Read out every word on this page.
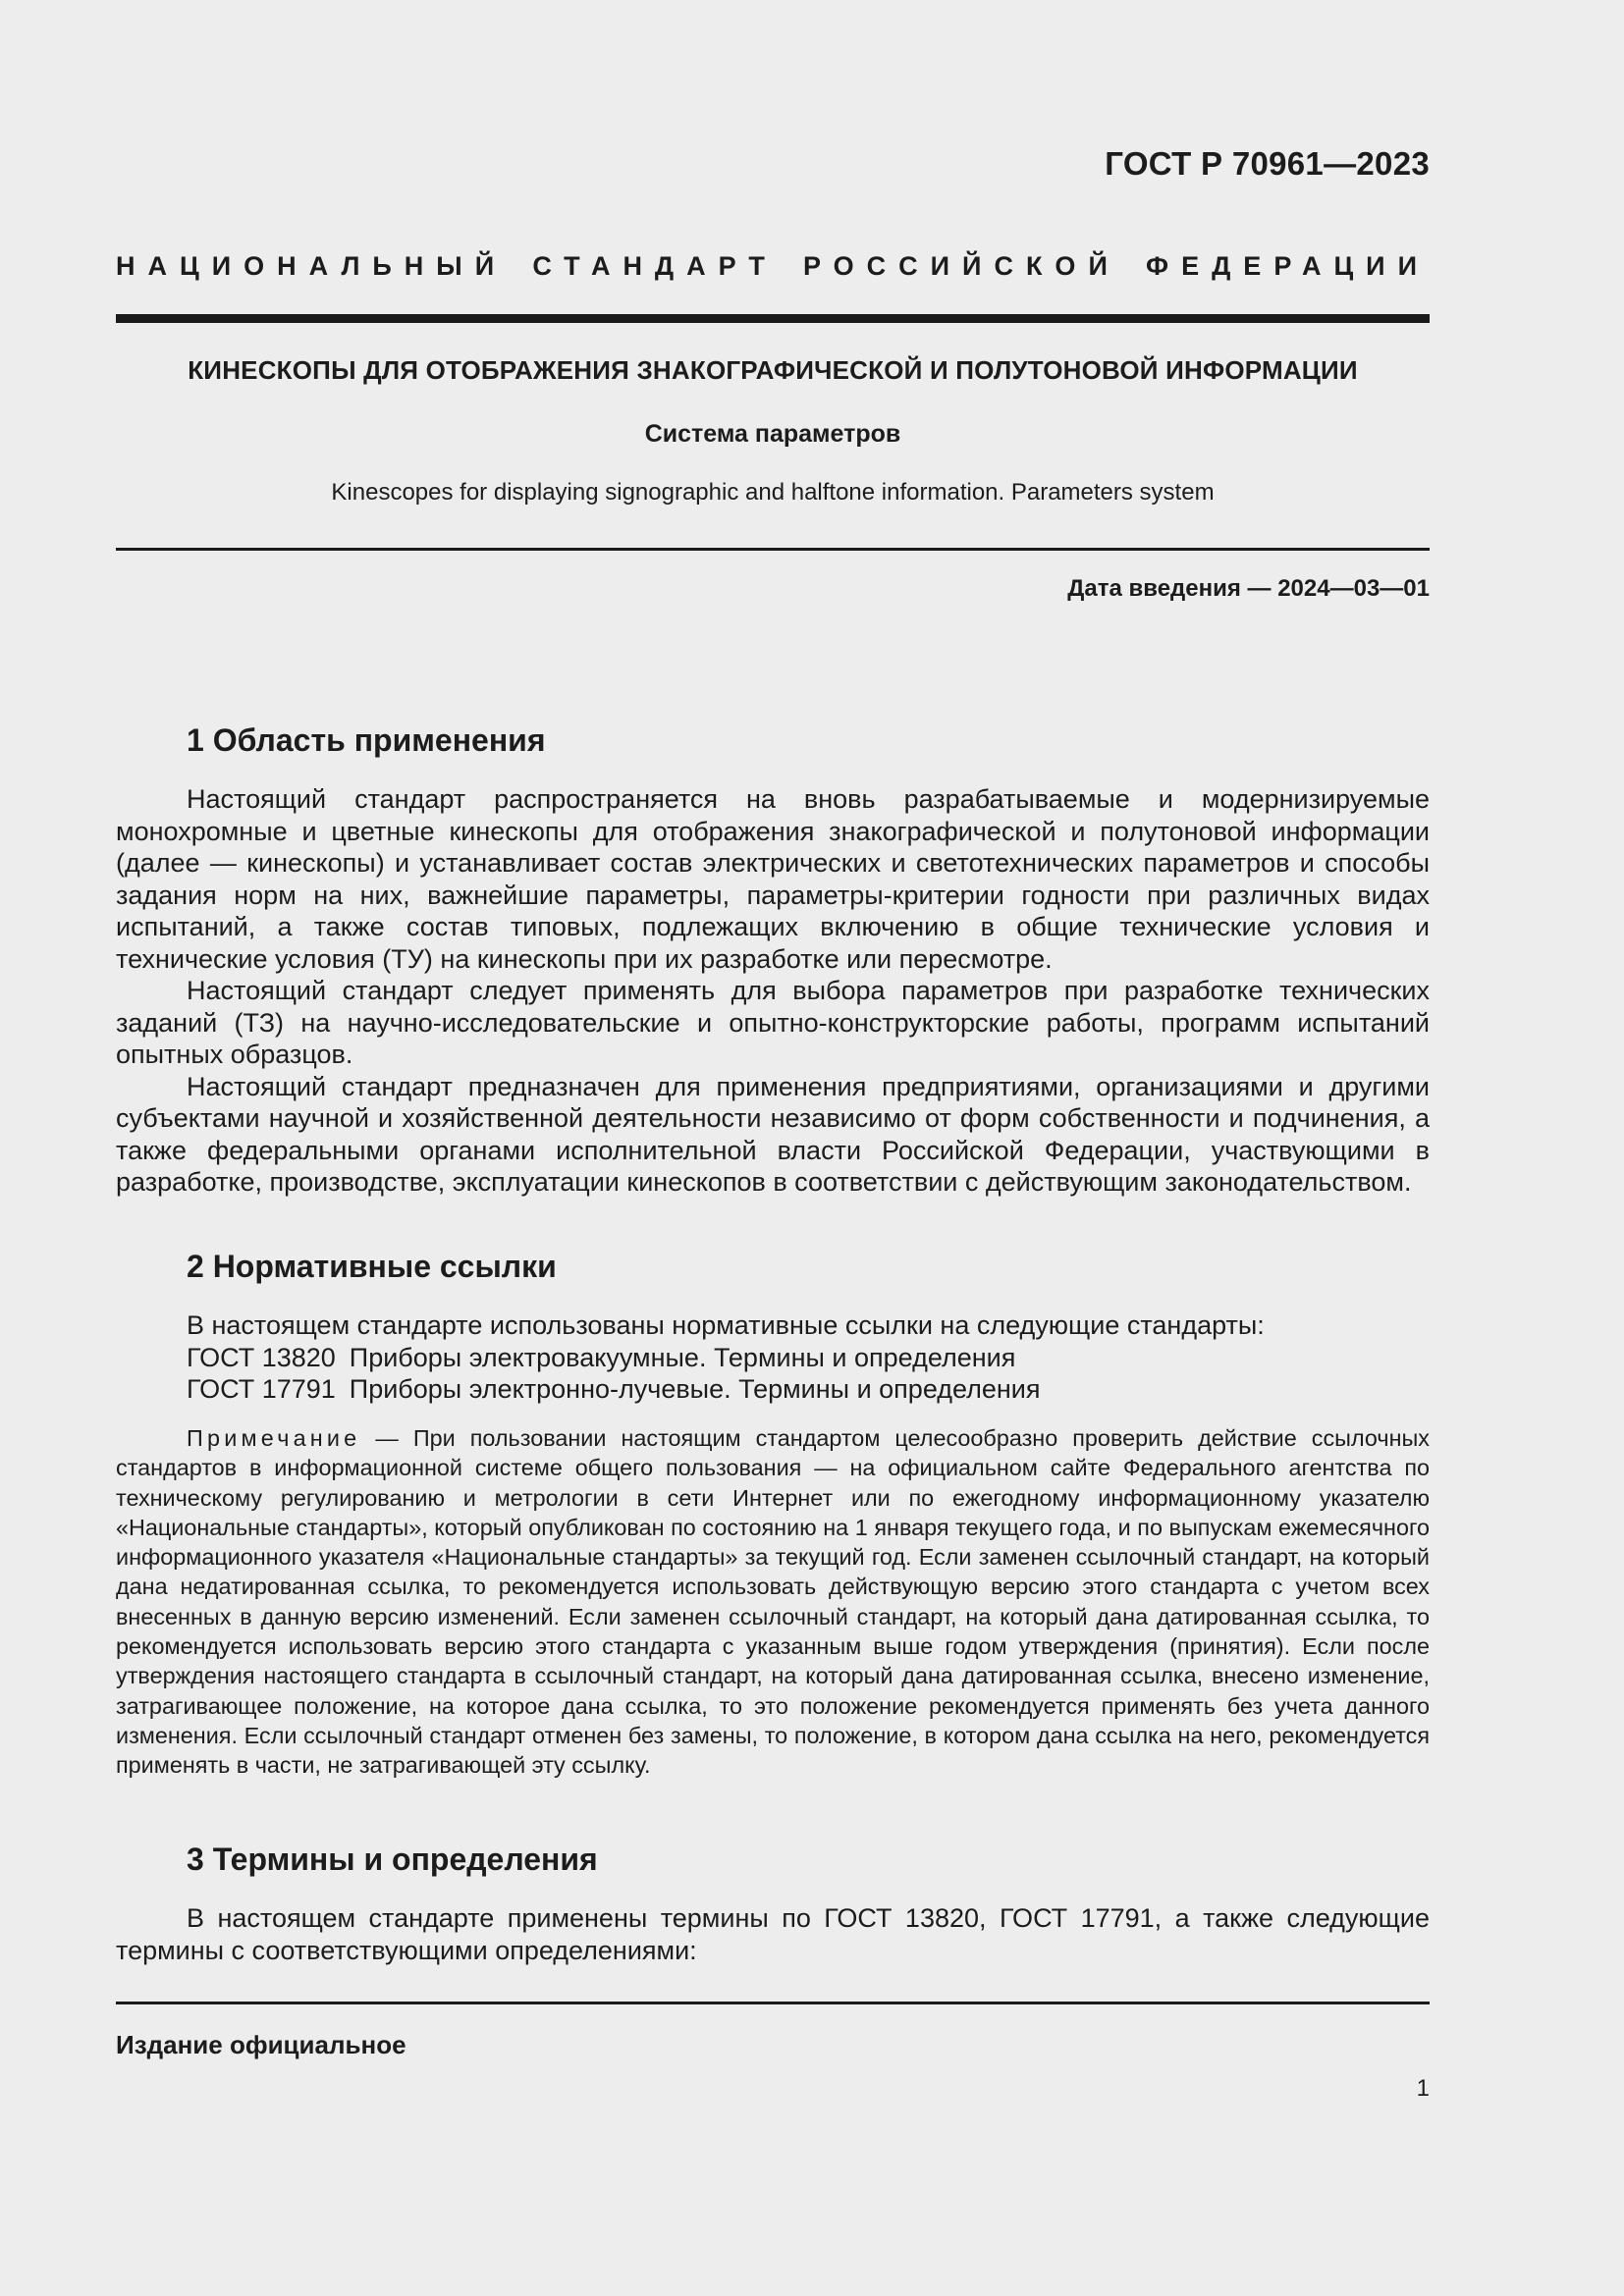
ГОСТ Р 70961—2023
НАЦИОНАЛЬНЫЙ СТАНДАРТ РОССИЙСКОЙ ФЕДЕРАЦИИ
КИНЕСКОПЫ ДЛЯ ОТОБРАЖЕНИЯ ЗНАКОГРАФИЧЕСКОЙ И ПОЛУТОНОВОЙ ИНФОРМАЦИИ
Система параметров
Kinescopes for displaying signographic and halftone information. Parameters system
Дата введения — 2024—03—01
1 Область применения

Настоящий стандарт распространяется на вновь разрабатываемые и модернизируемые монохромные и цветные кинескопы для отображения знакографической и полутоновой информации (далее — кинескопы) и устанавливает состав электрических и светотехнических параметров и способы задания норм на них, важнейшие параметры, параметры-критерии годности при различных видах испытаний, а также состав типовых, подлежащих включению в общие технические условия и технические условия (ТУ) на кинескопы при их разработке или пересмотре.

Настоящий стандарт следует применять для выбора параметров при разработке технических заданий (ТЗ) на научно-исследовательские и опытно-конструкторские работы, программ испытаний опытных образцов.

Настоящий стандарт предназначен для применения предприятиями, организациями и другими субъектами научной и хозяйственной деятельности независимо от форм собственности и подчинения, а также федеральными органами исполнительной власти Российской Федерации, участвующими в разработке, производстве, эксплуатации кинескопов в соответствии с действующим законодательством.

2 Нормативные ссылки
В настоящем стандарте использованы нормативные ссылки на следующие стандарты:
ГОСТ 13820 Приборы электровакуумные. Термины и определения
ГОСТ 17791 Приборы электронно-лучевые. Термины и определения

Примечание — При пользовании настоящим стандартом целесообразно проверить действие ссылочных стандартов в информационной системе общего пользования — на официальном сайте Федерального агентства по техническому регулированию и метрологии в сети Интернет или по ежегодному информационному указателю «Национальные стандарты», который опубликован по состоянию на 1 января текущего года, и по выпускам ежемесячного информационного указателя «Национальные стандарты» за текущий год. Если заменен ссылочный стандарт, на который дана недатированная ссылка, то рекомендуется использовать действующую версию этого стандарта с учетом всех внесенных в данную версию изменений. Если заменен ссылочный стандарт, на который дана датированная ссылка, то рекомендуется использовать версию этого стандарта с указанным выше годом утверждения (принятия). Если после утверждения настоящего стандарта в ссылочный стандарт, на который дана датированная ссылка, внесено изменение, затрагивающее положение, на которое дана ссылка, то это положение рекомендуется применять без учета данного изменения. Если ссылочный стандарт отменен без замены, то положение, в котором дана ссылка на него, рекомендуется применять в части, не затрагивающей эту ссылку.

3 Термины и определения

В настоящем стандарте применены термины по ГОСТ 13820, ГОСТ 17791, а также следующие термины с соответствующими определениями:

Издание официальное
1
